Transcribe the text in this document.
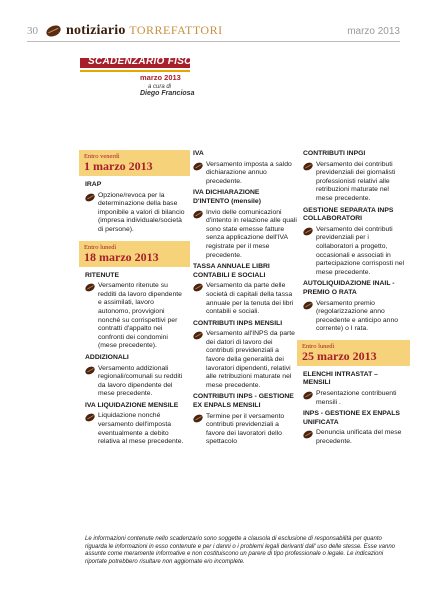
30 notiziario TORREFATTORI	marzo 2013
SCADENZARIO FISCALE
marzo 2013
a cura di
Diego Franciosa
Entro venerdì
1 marzo 2013
IRAP
Opzione/revoca per la determinazione della base imponibile a valori di bilancio (impresa individuale/società di persone).
Entro lunedì
18 marzo 2013
RITENUTE
Versamento ritenute su redditi da lavoro dipendente e assimilati, lavoro autonomo, provvigioni nonché su corrispettivi per contratti d'appalto nei confronti dei condomini (mese precedente).
ADDIZIONALI
Versamento addizionali regionali/comunali su redditi da lavoro dipendente del mese precedente.
IVA LIQUIDAZIONE MENSILE
Liquidazione nonché versamento dell'imposta eventualmente a debito relativa al mese precedente.
IVA
Versamento imposta a saldo dichiarazione annuo precedente.
IVA DICHIARAZIONE D'INTENTO (mensile)
Invio delle comunicazioni d'intento in relazione alle quali sono state emesse fatture senza applicazione dell'IVA registrate per il mese precedente.
TASSA ANNUALE LIBRI CONTABILI E SOCIALI
Versamento da parte delle società di capitali della tassa annuale per la tenuta dei libri contabili e sociali.
CONTRIBUTI INPS MENSILI
Versamento all'INPS da parte dei datori di lavoro dei contributi previdenziali a favore della generalità dei lavoratori dipendenti, relativi alle retribuzioni maturate nel mese precedente.
CONTRIBUTI INPS - GESTIONE EX ENPALS MENSILI
Termine per il versamento contributi previdenziali a favore dei lavoratori dello spettacolo
CONTRIBUTI INPGI
Versamento dei contributi previdenziali dei giornalisti professionisti relativi alle retribuzioni maturate nel mese precedente.
GESTIONE SEPARATA INPS COLLABORATORI
Versamento dei contributi previdenziali per i collaboratori a progetto, occasionali e associati in partecipazione corrisposti nel mese precedente.
AUTOLIQUIDAZIONE INAIL - PREMIO O RATA
Versamento premio (regolarizzazione anno precedente e anticipo anno corrente) o I rata.
Entro lunedì
25 marzo 2013
ELENCHI INTRASTAT – MENSILI
Presentazione contribuenti mensili .
INPS - GESTIONE EX ENPALS UNIFICATA
Denuncia unificata del mese precedente.
Le informazioni contenute nello scadenzario sono soggette a clausola di esclusione di responsabilità per quanto riguarda le informazioni in esso contenute e per i danni o i problemi legali derivanti dall' uso delle stesse. Esse vanno assunte come meramente informative e non costituiscono un parere di tipo professionale o legale. Le indicazioni riportate potrebbero risultare non aggiornate e/o incomplete.
